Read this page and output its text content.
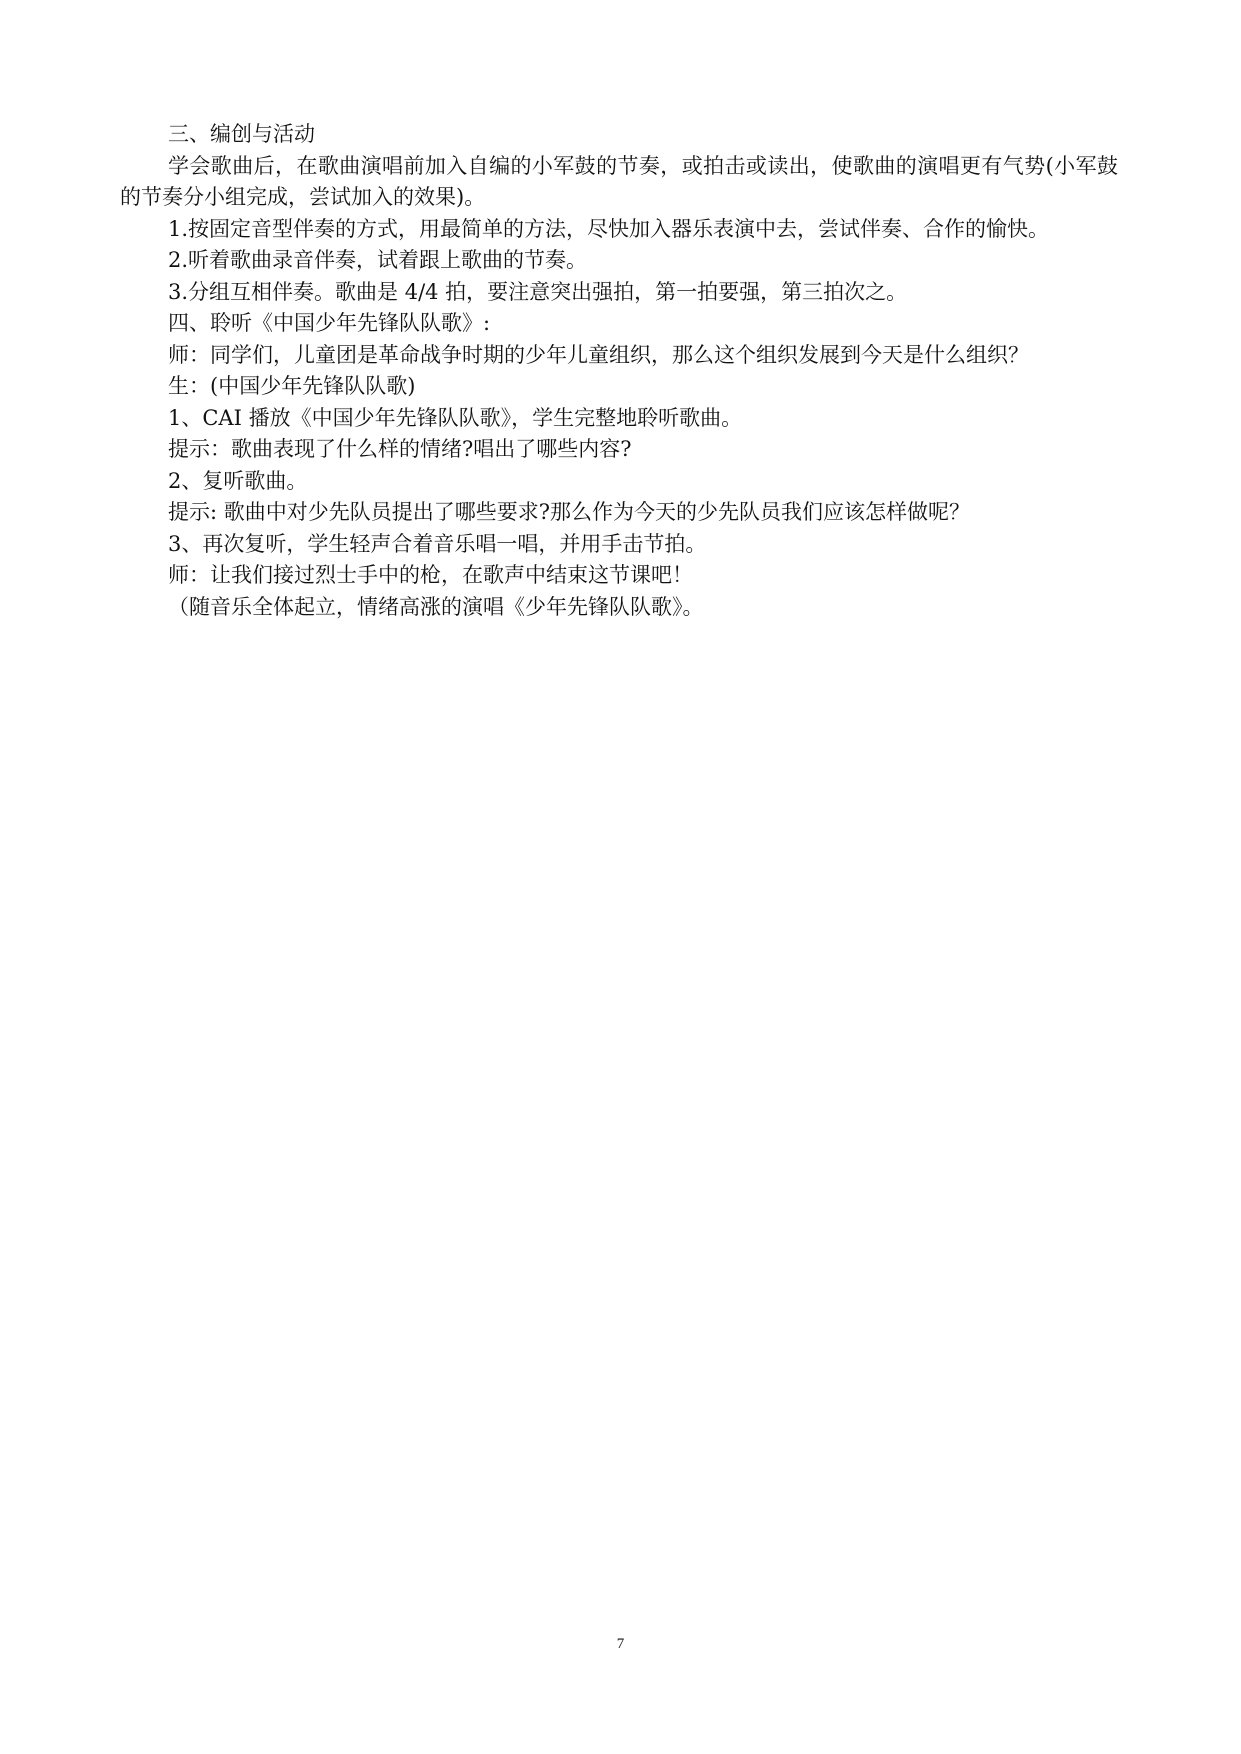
三、编创与活动

学会歌曲后，在歌曲演唱前加入自编的小军鼓的节奏，或拍击或读出，使歌曲的演唱更有气势(小军鼓的节奏分小组完成，尝试加入的效果)。

1.按固定音型伴奏的方式，用最简单的方法，尽快加入器乐表演中去，尝试伴奏、合作的愉快。

2.听着歌曲录音伴奏，试着跟上歌曲的节奏。

3.分组互相伴奏。歌曲是 4/4 拍，要注意突出强拍，第一拍要强，第三拍次之。

四、聆听《中国少年先锋队队歌》:

师：同学们，儿童团是革命战争时期的少年儿童组织，那么这个组织发展到今天是什么组织？

生：(中国少年先锋队队歌)

1、CAI 播放《中国少年先锋队队歌》，学生完整地聆听歌曲。

提示：歌曲表现了什么样的情绪?唱出了哪些内容?

2、复听歌曲。

提示: 歌曲中对少先队员提出了哪些要求?那么作为今天的少先队员我们应该怎样做呢？

3、再次复听，学生轻声合着音乐唱一唱，并用手击节拍。

师：让我们接过烈士手中的枪，在歌声中结束这节课吧！

（随音乐全体起立，情绪高涨的演唱《少年先锋队队歌》。

7
